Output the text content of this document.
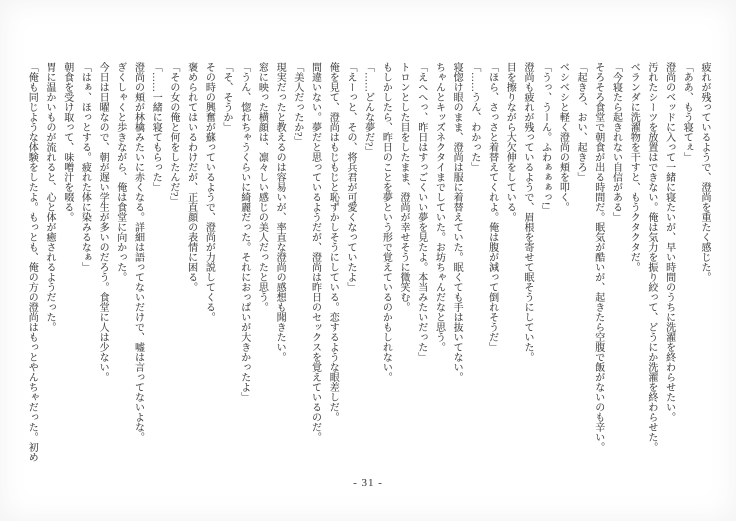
疲れが残っているようで、澄尚を重たく感じた。

「ああ、もう寝てぇ」

澄尚のベッドに入って一緒に寝たいが、早い時間のうちに洗濯を終わらせたい。

汚れたシーツを放置はできない。俺は気力を振り絞って、どうにか洗濯を終わらせた。

ベランダに洗濯物を干すと、もうクタクタだ。

「今寝たら起きれない自信がある」

そろそろ食堂で朝食が出る時間だ。眠気が酷いが、起きたら空腹で飯がないのも辛い。

「起きろ、おい、起きろ」

ベシベシと軽く澄尚の頬を叩く。

「うっ、うーん。ふわぁぁぁっ!」

澄尚も疲れが残っているようで、眉根を寄せて眠そうにしていた。

目を擦りながら大欠伸をしている。

「ほら、さっさと着替えてくれよ。俺は腹が減って倒れそうだ」

「……うん、わかった」

寝惚け眼のまま、澄尚は服に着替えていた。眠くても手は抜いてない。

ちゃんとキッズネクタイまでしていた。お坊ちゃんだなと思う。

「えへへっ、昨日はすっごくいい夢を見たよ。本当みたいだった」

トロンとした目をしたまま、澄尚が幸せそうに微笑む。

もしかしたら、昨日のことを夢という形で覚えているのかもしれない。

「……どんな夢だ?」

「えーっと、その、将兵君が可愛くなっていたよ」

俺を見て、澄尚はもじもじと恥ずかしそうにしている。恋するような眼差しだ。

間違いない。夢だと思っているようだが、澄尚は昨日のセックスを覚えているのだ。

「美人だったか?」

現実だったと教えるのは容易いが、率直な澄尚の感想も聞きたい。

窓に映った横顔は、凛々しい感じの美人だったと思う。

「うん、惚れちゃうくらいに綺麗だった。それにおっぱいが大きかったよ」

「そ、そうか」

その時の興奮が蘇っているようで、澄尚が力説してくる。

褒められてはいるわけだが、正直顔の表情に困る。

「その女の俺と何をしたんだ?」

「……一緒に寝てもらった」

澄尚の頬が林檎みたいに赤くなる。詳細は語ってないだけで、嘘は言ってないよな。

ぎくしゃくと歩きながら、俺は食堂に向かった。

今日は日曜なので、朝が遅い学生が多いのだろう。食堂に人は少ない。

「はぁ、ほっとする。疲れた体に染みるなぁ」

朝食を受け取って、味噌汁を啜る。

胃に温かいものが流れると、心と体が癒されるようだった。

「俺も同じような体験をしたよ。もっとも、俺の方の澄尚はもっとやんちゃだった。初め

- 31 -
